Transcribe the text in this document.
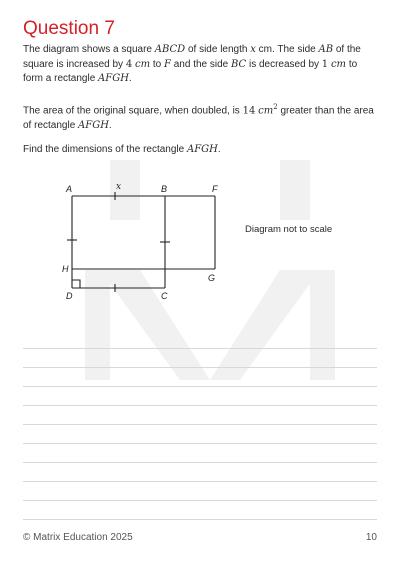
Question 7

The diagram shows a square ABCD of side length x cm. The side AB of the square is increased by 4 cm to F and the side BC is decreased by 1 cm to form a rectangle AFGH.

The area of the original square, when doubled, is 14 $cm^2$ greater than the area of rectangle AFGH.

Find the dimensions of the rectangle AFGH.

A	x	B	F
H
G
D	C
Diagram not to scale
© Matrix Education 2025	10
